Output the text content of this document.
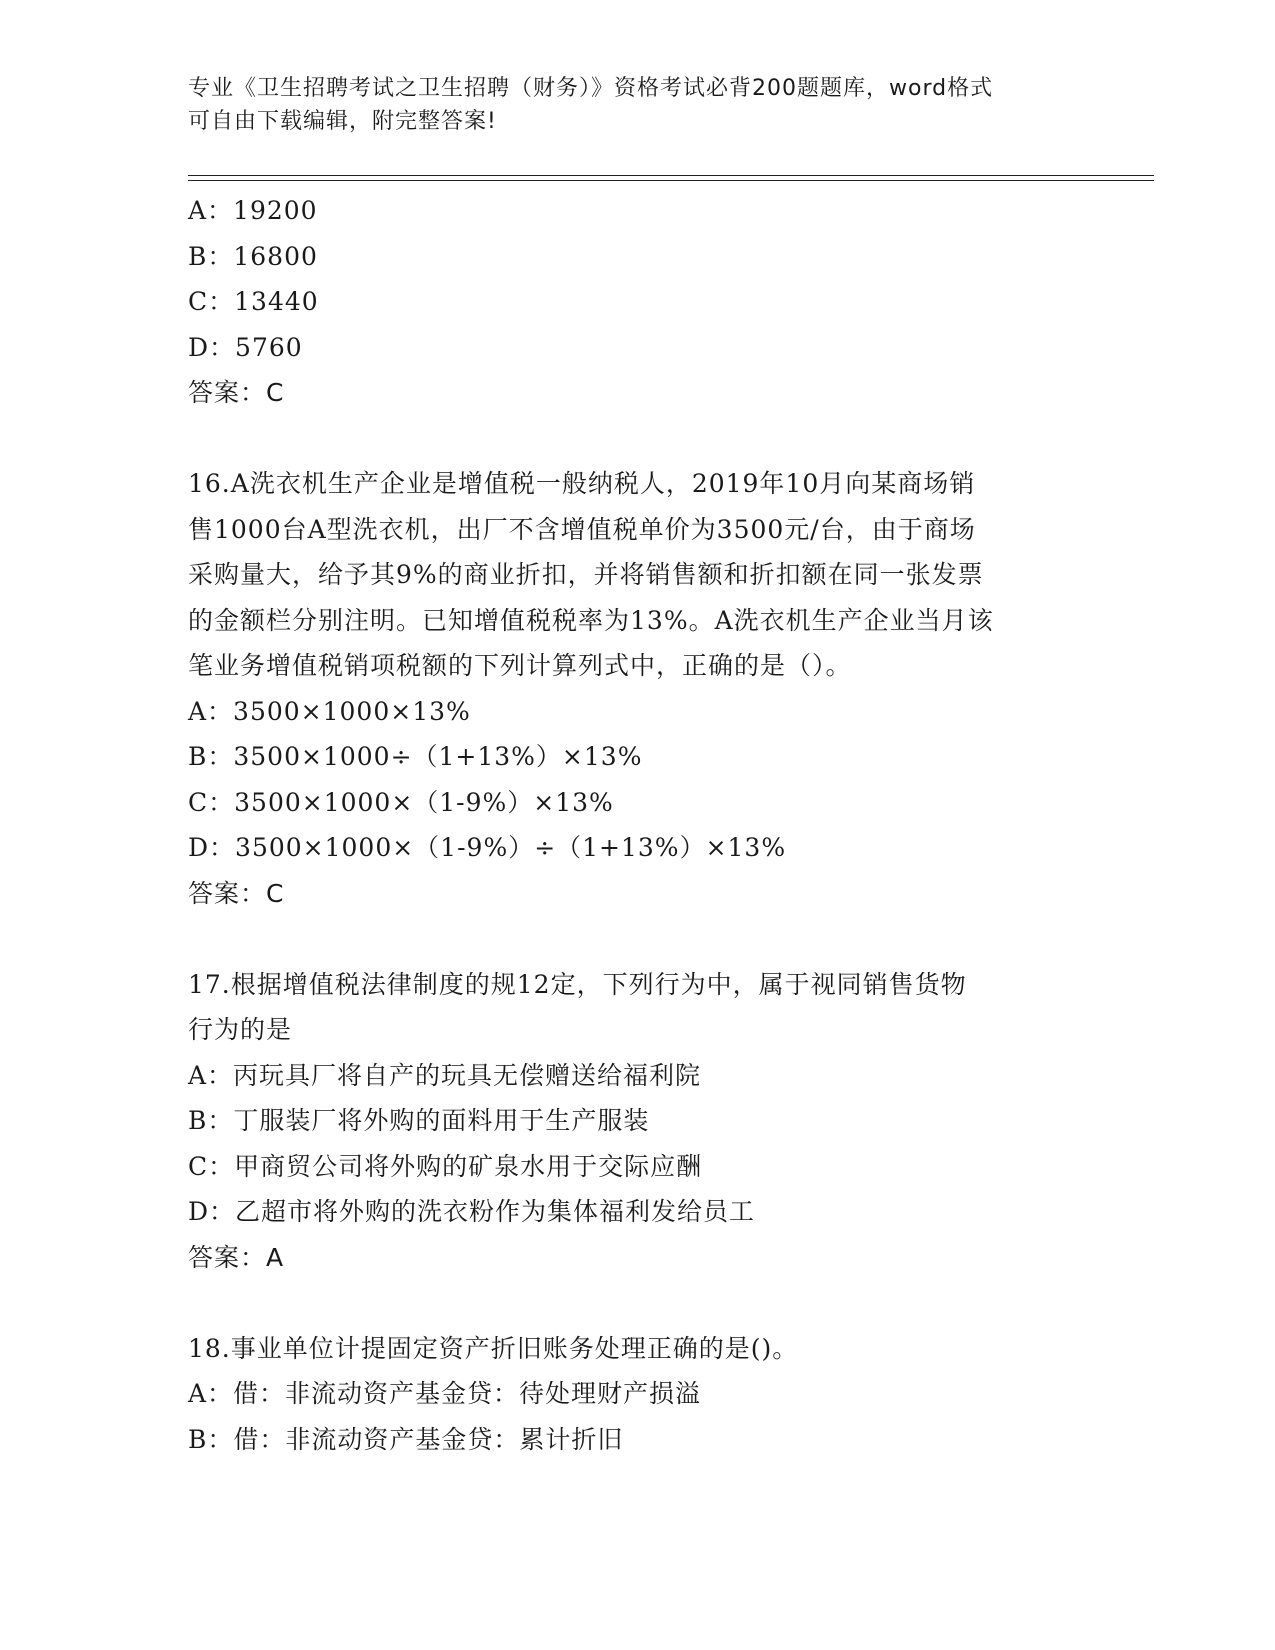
专业《卫生招聘考试之卫生招聘（财务）》资格考试必背200题题库，word格式
可自由下载编辑，附完整答案!
A：19200
B：16800
C：13440
D：5760
答案：C
16.A洗衣机生产企业是增值税一般纳税人，2019年10月向某商场销
售1000台A型洗衣机，出厂不含增值税单价为3500元/台，由于商场
采购量大，给予其9%的商业折扣，并将销售额和折扣额在同一张发票
的金额栏分别注明。已知增值税税率为13%。A洗衣机生产企业当月该
笔业务增值税销项税额的下列计算列式中，正确的是（）。
A：3500×1000×13%
B：3500×1000÷（1+13%）×13%
C：3500×1000×（1-9%）×13%
D：3500×1000×（1-9%）÷（1+13%）×13%
答案：C
17.根据增值税法律制度的规12定，下列行为中，属于视同销售货物
行为的是
A：丙玩具厂将自产的玩具无偿赠送给福利院
B：丁服装厂将外购的面料用于生产服装
C：甲商贸公司将外购的矿泉水用于交际应酬
D：乙超市将外购的洗衣粉作为集体福利发给员工
答案：A
18.事业单位计提固定资产折旧账务处理正确的是()。
A：借：非流动资产基金贷：待处理财产损溢
B：借：非流动资产基金贷：累计折旧
